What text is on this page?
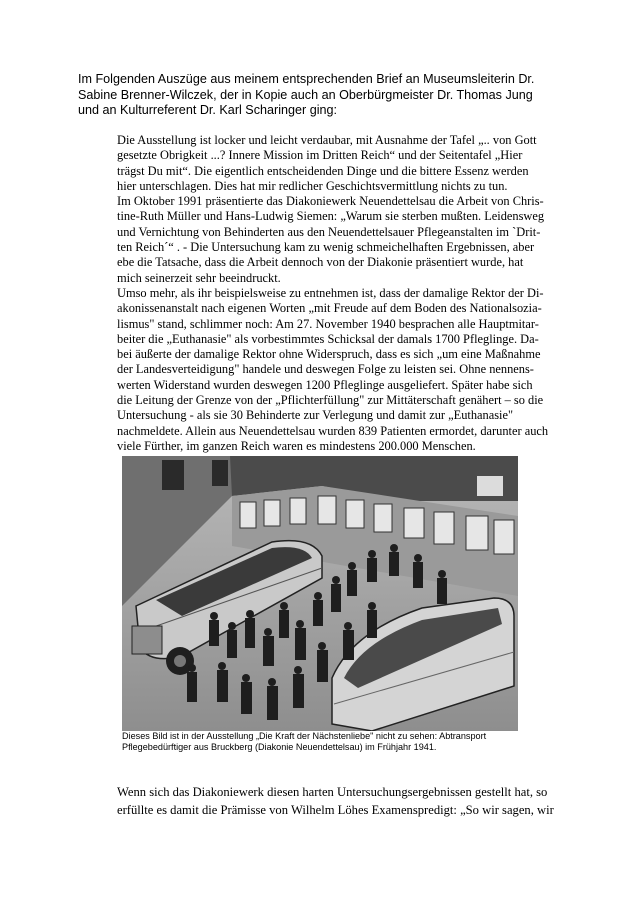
Im Folgenden Auszüge aus meinem entsprechenden Brief an Museumsleiterin Dr.
Sabine Brenner-Wilczek, der in Kopie auch an Oberbürgmeister Dr. Thomas Jung
und an Kulturreferent Dr. Karl Scharinger ging:

Die Ausstellung ist locker und leicht verdaubar, mit Ausnahme der Tafel „.. von Gott
gesetzte Obrigkeit ...? Innere Mission im Dritten Reich“ und der Seitentafel „Hier
trägst Du mit“. Die eigentlich entscheidenden Dinge und die bittere Essenz werden
hier unterschlagen. Dies hat mir redlicher Geschichtsvermittlung nichts zu tun.

Im Oktober 1991 präsentierte das Diakoniewerk Neuendettelsau die Arbeit von Chris-
tine-Ruth Müller und Hans-Ludwig Siemen: „Warum sie sterben mußten. Leidensweg
und Vernichtung von Behinderten aus den Neuendettelsauer Pflegeanstalten im `Drit-
ten Reich´“ . - Die Untersuchung kam zu wenig schmeichelhaften Ergebnissen, aber
ebe die Tatsache, dass die Arbeit dennoch von der Diakonie präsentiert wurde, hat
mich seinerzeit sehr beeindruckt.

Umso mehr, als ihr beispielsweise zu entnehmen ist, dass der damalige Rektor der Di-
akonissenanstalt nach eigenen Worten „mit Freude auf dem Boden des Nationalsozia-
lismus" stand, schlimmer noch: Am 27. November 1940 besprachen alle Hauptmitar-
beiter die „Euthanasie" als vorbestimmtes Schicksal der damals 1700 Pfleglinge. Da-
bei äußerte der damalige Rektor ohne Widerspruch, dass es sich „um eine Maßnahme
der Landesverteidigung" handele und deswegen Folge zu leisten sei. Ohne nennens-
werten Widerstand wurden deswegen 1200 Pfleglinge ausgeliefert. Später habe sich
die Leitung der Grenze von der „Pflichterfüllung" zur Mittäterschaft genähert – so die
Untersuchung - als sie 30 Behinderte zur Verlegung und damit zur „Euthanasie"
nachmeldete. Allein aus Neuendettelsau wurden 839 Patienten ermordet, darunter auch
viele Fürther, im ganzen Reich waren es mindestens 200.000 Menschen.

Dieses Bild ist in der Ausstellung „Die Kraft der Nächstenliebe" nicht zu sehen: Abtransport
Pflegebedürftiger aus Bruckberg (Diakonie Neuendettelsau) im Frühjahr 1941.
Wenn sich das Diakoniewerk diesen harten Untersuchungsergebnissen gestellt hat, so
erfüllte es damit die Prämisse von Wilhelm Löhes Examenspredigt: „So wir sagen, wir
